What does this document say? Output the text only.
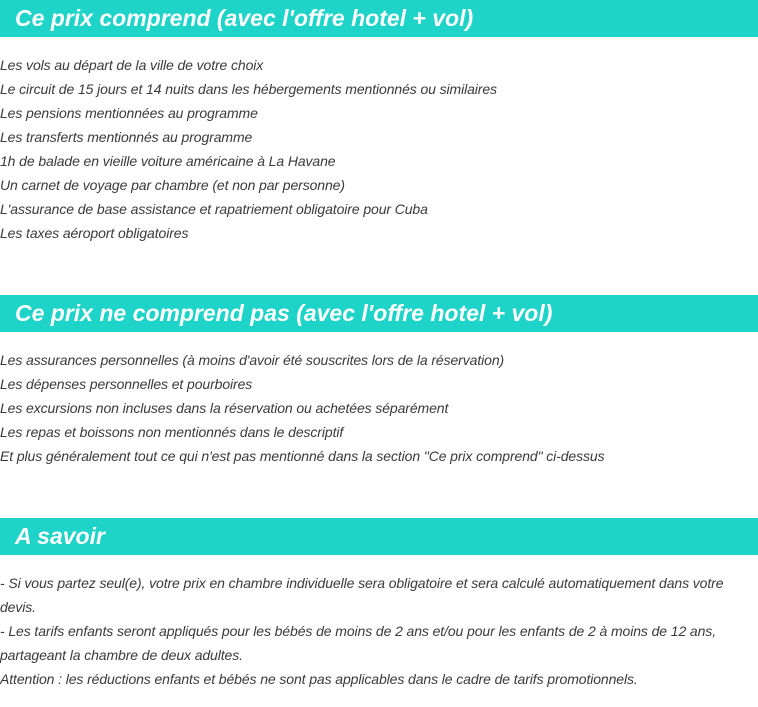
Ce prix comprend (avec l'offre hotel + vol)
Les vols au départ de la ville de votre choix
Le circuit de 15 jours et 14 nuits dans les hébergements mentionnés ou similaires
Les pensions mentionnées au programme
Les transferts mentionnés au programme
1h de balade en vieille voiture américaine à La Havane
Un carnet de voyage par chambre (et non par personne)
L'assurance de base assistance et rapatriement obligatoire pour Cuba
Les taxes aéroport obligatoires
Ce prix ne comprend pas (avec l'offre hotel + vol)
Les assurances personnelles (à moins d'avoir été souscrites lors de la réservation)
Les dépenses personnelles et pourboires
Les excursions non incluses dans la réservation ou achetées séparément
Les repas et boissons non mentionnés dans le descriptif
Et plus généralement tout ce qui n'est pas mentionné dans la section "Ce prix comprend" ci-dessus
A savoir
- Si vous partez seul(e), votre prix en chambre individuelle sera obligatoire et sera calculé automatiquement dans votre devis.
- Les tarifs enfants seront appliqués pour les bébés de moins de 2 ans et/ou pour les enfants de 2 à moins de 12 ans, partageant la chambre de deux adultes.
Attention : les réductions enfants et bébés ne sont pas applicables dans le cadre de tarifs promotionnels.
